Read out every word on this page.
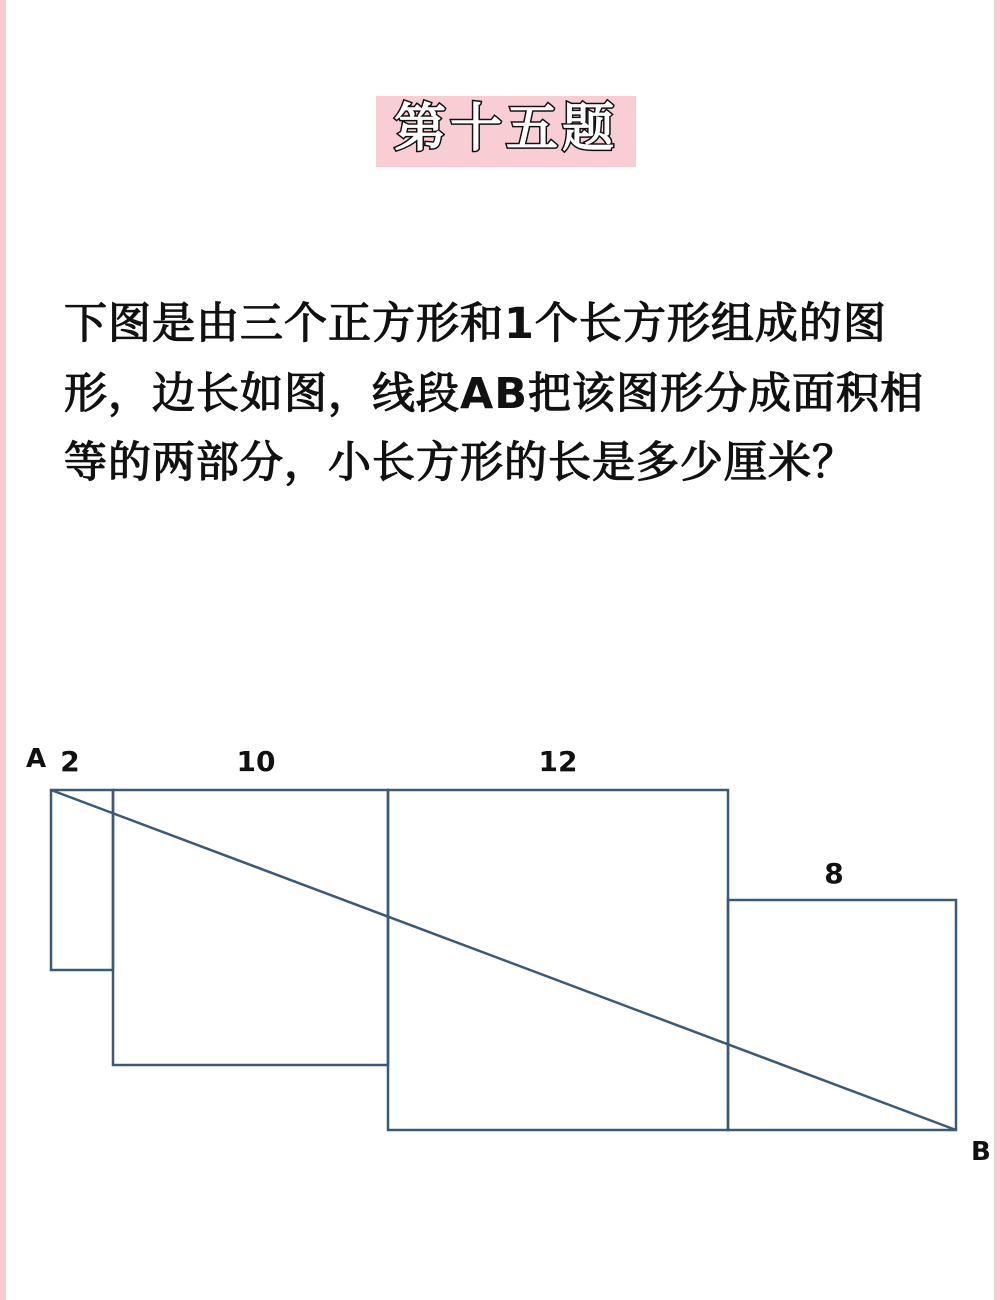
第十五题
下图是由三个正方形和1个长方形组成的图形，边长如图，线段AB把该图形分成面积相等的两部分，小长方形的长是多少厘米？
A
B
2	10	12
8
